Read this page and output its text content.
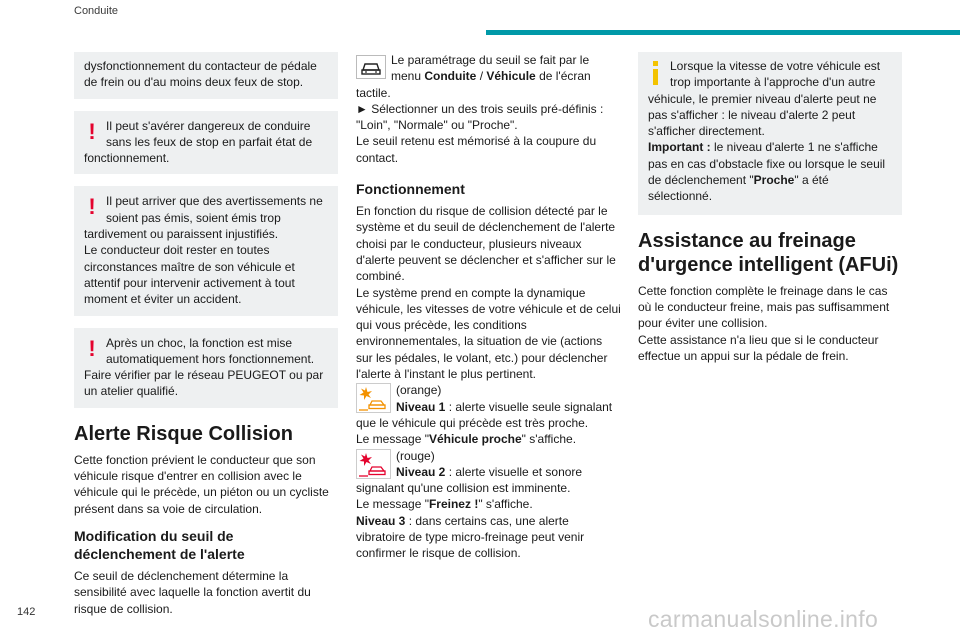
Conduite

dysfonctionnement du contacteur de pédale de frein ou d'au moins deux feux de stop.

! Il peut s'avérer dangereux de conduire sans les feux de stop en parfait état de fonctionnement.

! Il peut arriver que des avertissements ne soient pas émis, soient émis trop tardivement ou paraissent injustifiés.

Le conducteur doit rester en toutes circonstances maître de son véhicule et attentif pour intervenir activement à tout moment et éviter un accident.

! Après un choc, la fonction est mise automatiquement hors fonctionnement.

Faire vérifier par le réseau PEUGEOT ou par un atelier qualifié.

Alerte Risque Collision

Cette fonction prévient le conducteur que son véhicule risque d'entrer en collision avec le véhicule qui le précède, un piéton ou un cycliste présent dans sa voie de circulation.

Modification du seuil de déclenchement de l'alerte

Ce seuil de déclenchement détermine la sensibilité avec laquelle la fonction avertit du risque de collision.

Le paramétrage du seuil se fait par le menu Conduite / Véhicule de l'écran tactile.

► Sélectionner un des trois seuils pré-définis : "Loin", "Normale" ou "Proche".

Le seuil retenu est mémorisé à la coupure du contact.

Fonctionnement

En fonction du risque de collision détecté par le système et du seuil de déclenchement de l'alerte choisi par le conducteur, plusieurs niveaux d'alerte peuvent se déclencher et s'afficher sur le combiné.

Le système prend en compte la dynamique véhicule, les vitesses de votre véhicule et de celui qui vous précède, les conditions environnementales, la situation de vie (actions sur les pédales, le volant, etc.) pour déclencher l'alerte à l'instant le plus pertinent.

(orange)

Niveau 1 : alerte visuelle seule signalant que le véhicule qui précède est très proche.

Le message "Véhicule proche" s'affiche.

(rouge)

Niveau 2 : alerte visuelle et sonore signalant qu'une collision est imminente.

Le message "Freinez !" s'affiche.

Niveau 3 : dans certains cas, une alerte vibratoire de type micro-freinage peut venir confirmer le risque de collision.

Lorsque la vitesse de votre véhicule est trop importante à l'approche d'un autre véhicule, le premier niveau d'alerte peut ne pas s'afficher : le niveau d'alerte 2 peut s'afficher directement.

Important : le niveau d'alerte 1 ne s'affiche pas en cas d'obstacle fixe ou lorsque le seuil de déclenchement "Proche" a été sélectionné.

Assistance au freinage d'urgence intelligent (AFUi)

Cette fonction complète le freinage dans le cas où le conducteur freine, mais pas suffisamment pour éviter une collision.

Cette assistance n'a lieu que si le conducteur effectue un appui sur la pédale de frein.

142	carmanualsonline.info
